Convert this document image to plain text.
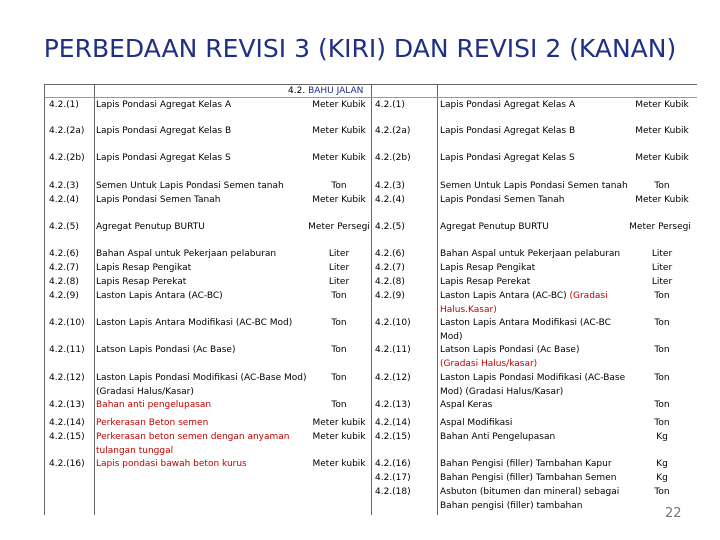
PERBEDAAN REVISI 3 (KIRI) DAN REVISI 2 (KANAN)
4.2. BAHU JALAN
4.2.(1)
4.2.(2a)
4.2.(2b)
4.2.(3)
4.2.(4)
4.2.(5)
4.2.(6)
4.2.(7)
4.2.(8)
4.2.(9)
4.2.(10)
4.2.(11)
4.2.(12)
4.2.(13)
4.2.(14)
4.2.(15)
4.2.(16)
Lapis Pondasi Agregat Kelas A
Lapis Pondasi Agregat Kelas B
Lapis Pondasi Agregat Kelas S
Semen Untuk Lapis Pondasi Semen tanah
Lapis Pondasi Semen Tanah
Agregat Penutup BURTU
Bahan Aspal untuk Pekerjaan pelaburan
Lapis Resap Pengikat
Lapis Resap Perekat
Laston Lapis Antara (AC-BC)
Laston Lapis Antara Modifikasi (AC-BC Mod)
Latson Lapis Pondasi (Ac Base)
Laston Lapis Pondasi Modifikasi (AC-Base Mod) (Gradasi Halus/Kasar)
Bahan anti pengelupasan
Perkerasan Beton semen
Perkerasan beton semen dengan anyaman tulangan tunggal
Lapis pondasi bawah beton kurus
Meter Kubik
Meter Kubik
Meter Kubik
Ton
Meter Kubik
Meter Persegi
Liter
Liter
Liter
Ton
Ton
Ton
Ton
Ton
Meter kubik
Meter kubik
Meter kubik
4.2.(1)
4.2.(2a)
4.2.(2b)
4.2.(3)
4.2.(4)
4.2.(5)
4.2.(6)
4.2.(7)
4.2.(8)
4.2.(9)
4.2.(10)
4.2.(11)
4.2.(12)
4.2.(13)
4.2.(14)
4.2.(15)
4.2.(16)
4.2.(17)
4.2.(18)
Lapis Pondasi Agregat Kelas A
Lapis Pondasi Agregat Kelas B
Lapis Pondasi Agregat Kelas S
Semen Untuk Lapis Pondasi Semen tanah
Lapis Pondasi Semen Tanah
Agregat Penutup BURTU
Bahan Aspal untuk Pekerjaan pelaburan
Lapis Resap Pengikat
Lapis Resap Perekat
Laston Lapis Antara (AC-BC) (Gradasi Halus.Kasar)
Laston Lapis Antara Modifikasi (AC-BC Mod)
Latson Lapis Pondasi (Ac Base) (Gradasi Halus/kasar)
Laston Lapis Pondasi Modifikasi (AC-Base Mod) (Gradasi Halus/Kasar)
Aspal Keras
Aspal Modifikasi
Bahan Anti Pengelupasan
Bahan Pengisi (filler) Tambahan Kapur
Bahan Pengisi (filler) Tambahan Semen
Asbuton (bitumen dan mineral) sebagai Bahan pengisi (filler) tambahan
Meter Kubik
Meter Kubik
Meter Kubik
Ton
Meter Kubik
Meter Persegi
Liter
Liter
Liter
Ton
Ton
Ton
Ton
Ton
Ton
Kg
Kg
Kg
Ton
22
